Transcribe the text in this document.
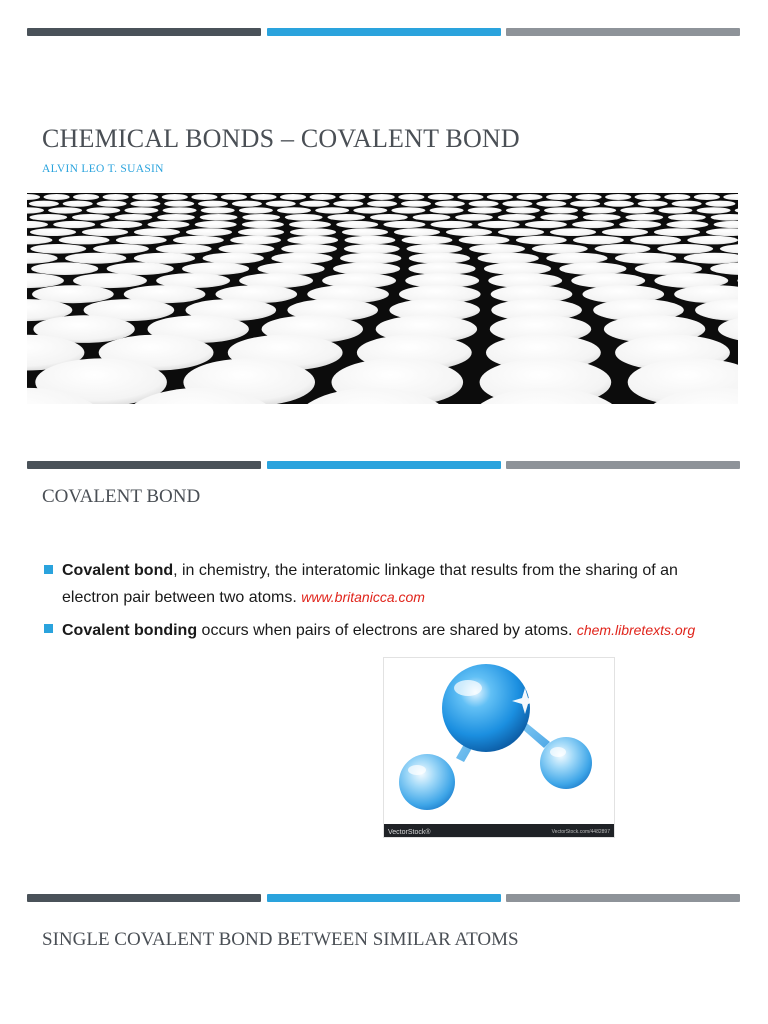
CHEMICAL BONDS – COVALENT BOND
ALVIN LEO T. SUASIN
COVALENT BOND
Covalent bond, in chemistry, the interatomic linkage that results from the sharing of an electron pair between two atoms. www.britanicca.com
Covalent bonding occurs when pairs of electrons are shared by atoms. chem.libretexts.org
VectorStock®	VectorStock.com/4482897
SINGLE COVALENT BOND BETWEEN SIMILAR ATOMS
